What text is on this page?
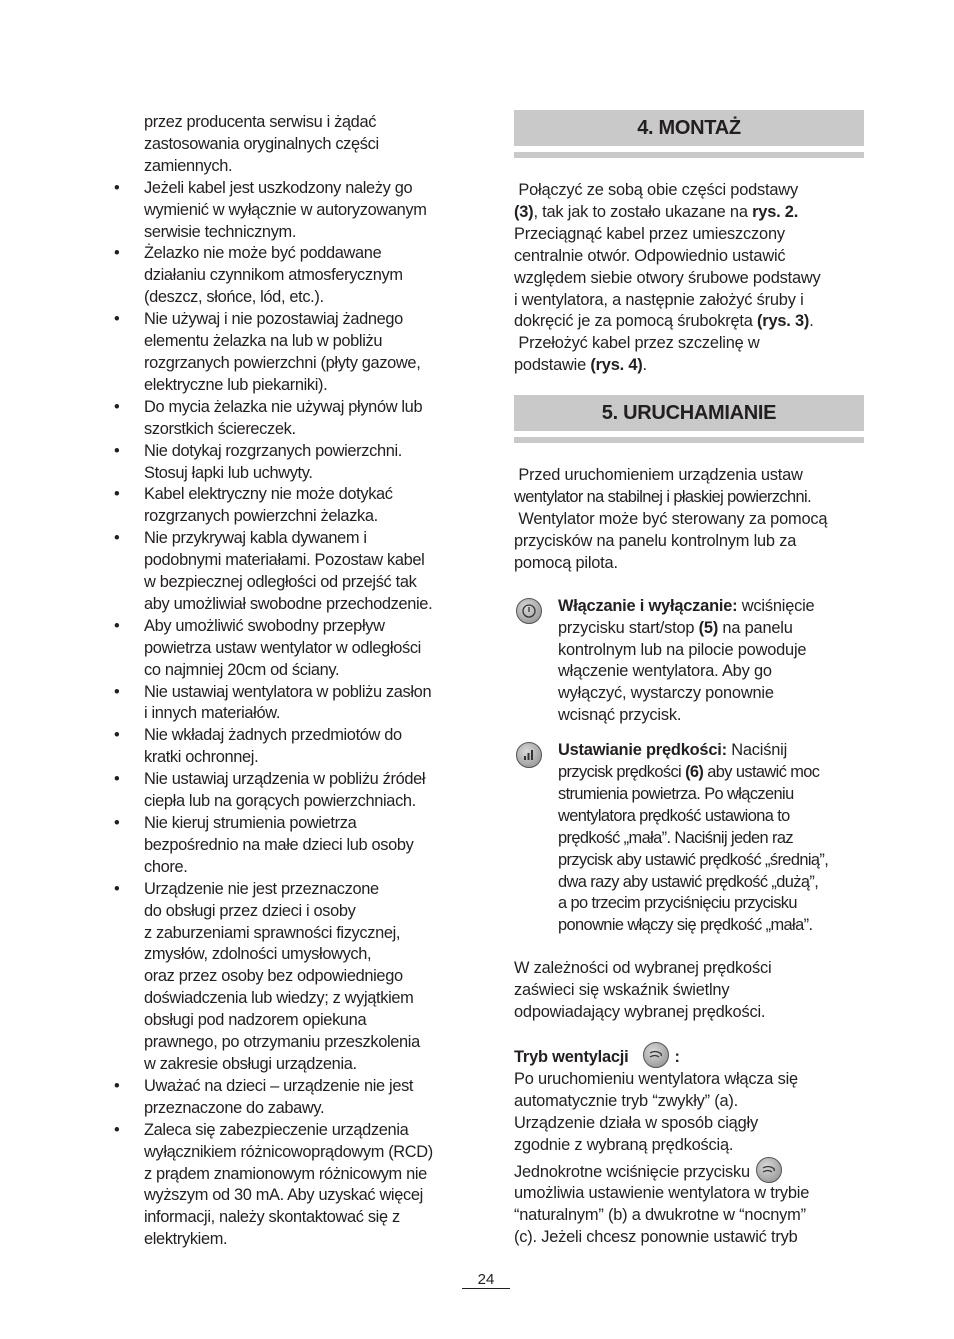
przez producenta serwisu i żądać
zastosowania oryginalnych części
zamiennych.
• Jeżeli kabel jest uszkodzony należy go
wymienić w wyłącznie w autoryzowanym
serwisie technicznym.
• Żelazko nie może być poddawane
działaniu czynnikom atmosferycznym
(deszcz, słońce, lód, etc.).
• Nie używaj i nie pozostawiaj żadnego
elementu żelazka na lub w pobliżu
rozgrzanych powierzchni (płyty gazowe,
elektryczne lub piekarniki).
• Do mycia żelazka nie używaj płynów lub
szorstkich ściereczek.
• Nie dotykaj rozgrzanych powierzchni.
Stosuj łapki lub uchwyty.
• Kabel elektryczny nie może dotykać
rozgrzanych powierzchni żelazka.
• Nie przykrywaj kabla dywanem i
podobnymi materiałami. Pozostaw kabel
w bezpiecznej odległości od przejść tak
aby umożliwiał swobodne przechodzenie.
• Aby umożliwić swobodny przepływ
powietrza ustaw wentylator w odległości
co najmniej 20cm od ściany.
• Nie ustawiaj wentylatora w pobliżu zasłon
i innych materiałów.
• Nie wkładaj żadnych przedmiotów do
kratki ochronnej.
• Nie ustawiaj urządzenia w pobliżu źródeł
ciepła lub na gorących powierzchniach.
• Nie kieruj strumienia powietrza
bezpośrednio na małe dzieci lub osoby
chore.
• Urządzenie nie jest przeznaczone
do obsługi przez dzieci i osoby
z zaburzeniami sprawności fizycznej,
zmysłów, zdolności umysłowych,
oraz przez osoby bez odpowiedniego
doświadczenia lub wiedzy; z wyjątkiem
obsługi pod nadzorem opiekuna
prawnego, po otrzymaniu przeszkolenia
w zakresie obsługi urządzenia.
• Uważać na dzieci – urządzenie nie jest
przeznaczone do zabawy.
• Zaleca się zabezpieczenie urządzenia
wyłącznikiem różnicowoprądowym (RCD)
z prądem znamionowym różnicowym nie
wyższym od 30 mA. Aby uzyskać więcej
informacji, należy skontaktować się z
elektrykiem.
4. MONTAŻ
Połączyć ze sobą obie części podstawy
(3), tak jak to zostało ukazane na rys. 2.
Przeciągnąć kabel przez umieszczony
centralnie otwór. Odpowiednio ustawić
względem siebie otwory śrubowe podstawy
i wentylatora, a następnie założyć śruby i
dokręcić je za pomocą śrubokręta (rys. 3).
Przełożyć kabel przez szczelinę w
podstawie (rys. 4).
5. URUCHAMIANIE
Przed uruchomieniem urządzenia ustaw
wentylator na stabilnej i płaskiej powierzchni.
Wentylator może być sterowany za pomocą
przycisków na panelu kontrolnym lub za
pomocą pilota.
Włączanie i wyłączanie: wciśnięcie
przycisku start/stop (5) na panelu
kontrolnym lub na pilocie powoduje
włączenie wentylatora. Aby go
wyłączyć, wystarczy ponownie
wcisnąć przycisk.
Ustawianie prędkości: Naciśnij
przycisk prędkości (6) aby ustawić moc
strumienia powietrza. Po włączeniu
wentylatora prędkość ustawiona to
prędkość „mała”. Naciśnij jeden raz
przycisk aby ustawić prędkość „średnią”,
dwa razy aby ustawić prędkość „dużą”,
a po trzecim przyciśnięciu przycisku
ponownie włączy się prędkość „mała”.
W zależności od wybranej prędkości
zaświeci się wskaźnik świetlny
odpowiadający wybranej prędkości.
Tryb wentylacji	:
Po uruchomieniu wentylatora włącza się
automatycznie tryb “zwykły” (a).
Urządzenie działa w sposób ciągły
zgodnie z wybraną prędkością.
Jednokrotne wciśnięcie przycisku
umożliwia ustawienie wentylatora w trybie
“naturalnym” (b) a dwukrotne w “nocnym”
(c). Jeżeli chcesz ponownie ustawić tryb
24
